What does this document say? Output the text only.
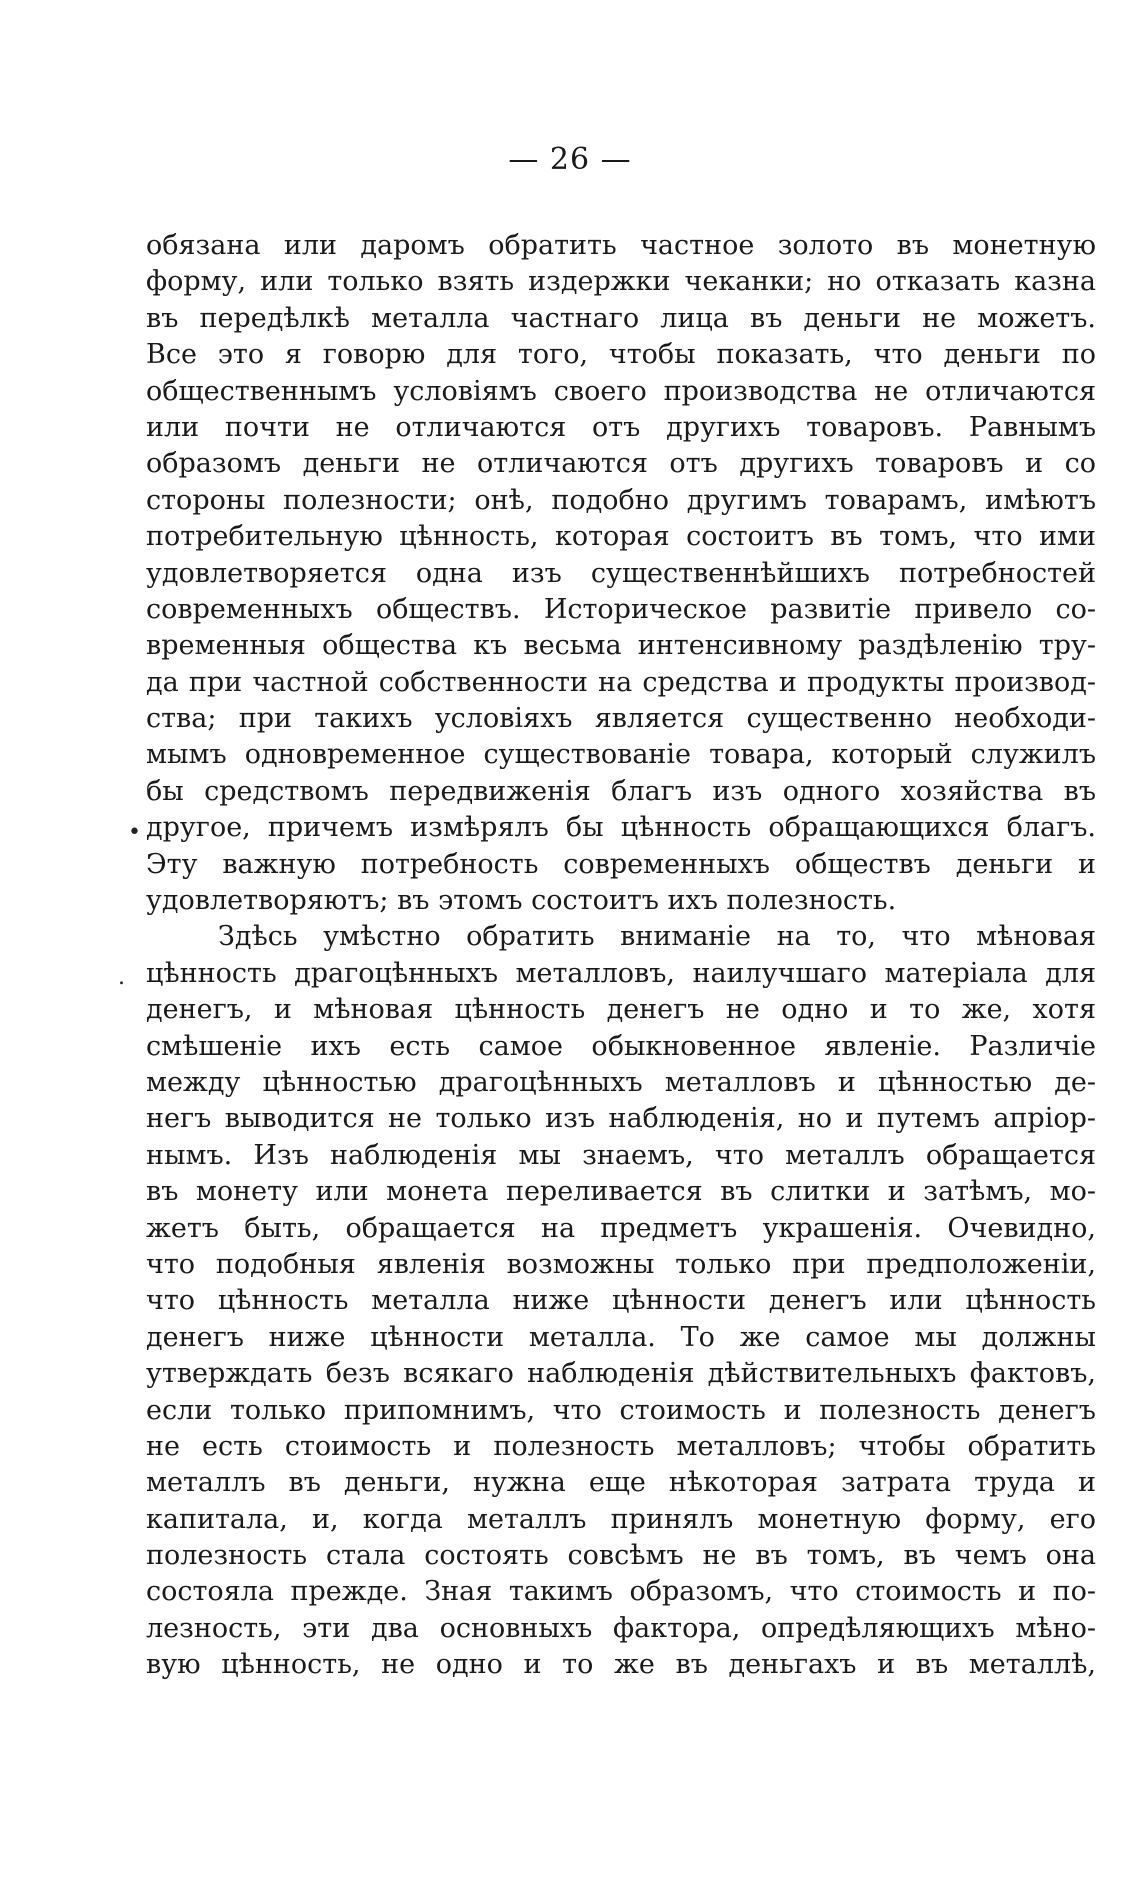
— 26 —
•
.
обязана или даромъ обратить частное золото въ монетную
форму, или только взять издержки чеканки; но отказать казна
въ передѣлкѣ металла частнаго лица въ деньги не можетъ.
Все это я говорю для того, чтобы показать, что деньги по
общественнымъ условіямъ своего производства не отличаются
или почти не отличаются отъ другихъ товаровъ. Равнымъ
образомъ деньги не отличаются отъ другихъ товаровъ и со
стороны полезности; онѣ, подобно другимъ товарамъ, имѣютъ
потребительную цѣнность, которая состоитъ въ томъ, что ими
удовлетворяется одна изъ существеннѣйшихъ потребностей
современныхъ обществъ. Историческое развитіе привело со-
временныя общества къ весьма интенсивному раздѣленію тру-
да при частной собственности на средства и продукты производ-
ства; при такихъ условіяхъ является существенно необходи-
мымъ одновременное существованіе товара, который служилъ
бы средствомъ передвиженія благъ изъ одного хозяйства въ
другое, причемъ измѣрялъ бы цѣнность обращающихся благъ.
Эту важную потребность современныхъ обществъ деньги и
удовлетворяютъ; въ этомъ состоитъ ихъ полезность.
Здѣсь умѣстно обратить вниманіе на то, что мѣновая
цѣнность драгоцѣнныхъ металловъ, наилучшаго матеріала для
денегъ, и мѣновая цѣнность денегъ не одно и то же, хотя
смѣшеніе ихъ есть самое обыкновенное явленіе. Различіе
между цѣнностью драгоцѣнныхъ металловъ и цѣнностью де-
негъ выводится не только изъ наблюденія, но и путемъ апріор-
нымъ. Изъ наблюденія мы знаемъ, что металлъ обращается
въ монету или монета переливается въ слитки и затѣмъ, мо-
жетъ быть, обращается на предметъ украшенія. Очевидно,
что подобныя явленія возможны только при предположеніи,
что цѣнность металла ниже цѣнности денегъ или цѣнность
денегъ ниже цѣнности металла. То же самое мы должны
утверждать безъ всякаго наблюденія дѣйствительныхъ фактовъ,
если только припомнимъ, что стоимость и полезность денегъ
не есть стоимость и полезность металловъ; чтобы обратить
металлъ въ деньги, нужна еще нѣкоторая затрата труда и
капитала, и, когда металлъ принялъ монетную форму, его
полезность стала состоять совсѣмъ не въ томъ, въ чемъ она
состояла прежде. Зная такимъ образомъ, что стоимость и по-
лезность, эти два основныхъ фактора, опредѣляющихъ мѣно-
вую цѣнность, не одно и то же въ деньгахъ и въ металлѣ,
